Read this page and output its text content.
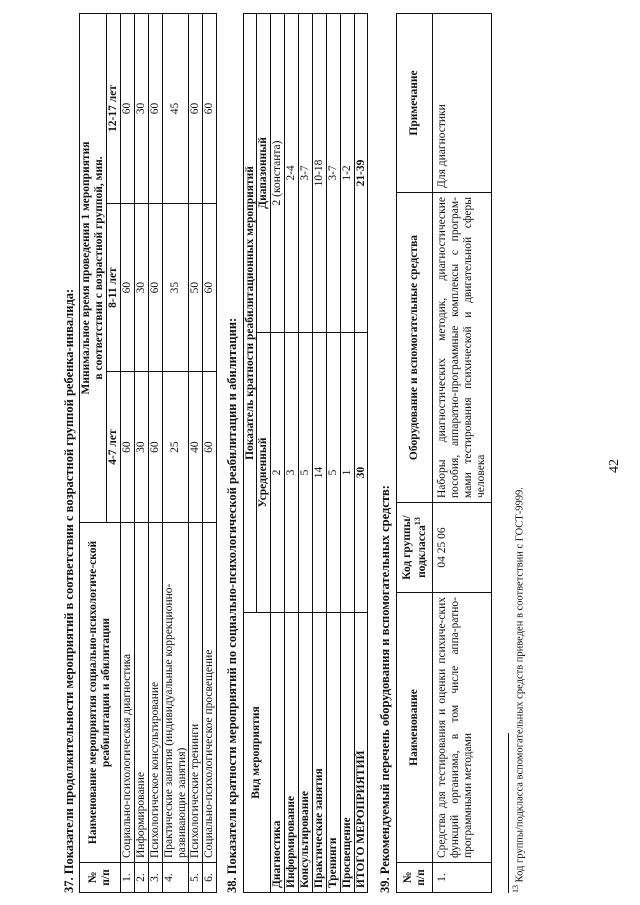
42
37. Показатели продолжительности мероприятий в соответствии с возрастной группой ребенка-инвалида: № п/п	Наименование мероприятия социально-психологиче-ской реабилитации и абилитации	Минимальное время проведения 1 мероприятия		
		в соответствии с возрастной группой, мин.		
		4-7 лет	8-11 лет	12-17 лет
1.	Социально-психологическая диагностика	60	60	60
2.	Информирование	30	30	30
3.	Психологическое консультирование	60	60	60
4.	Практические занятия (индивидуальные коррекционно-развивающие занятия)	25	35	45
5.	Психологические тренинги	40	50	60
6.	Социально-психологическое просвещение	60	60	60
38. Показатели кратности мероприятий по социально-психологической реабилитации и абилитации: Вид мероприятия	Показатель кратности реабилитационных мероприятий	
	Усредненный	Диапазонный
Диагностика	2	2 (константа)
Информирование	3	2-4
Консультирование	5	3-7
Практические занятия	14	10-18
Тренинги	5	3-7
Просвещение	1	1-2
ИТОГО МЕРОПРИЯТИЙ	30	21-39
39. Рекомендуемый перечень оборудования и вспомогательных средств: № п/п	Наименование	Код группы/ подкласса$^{13}$	Оборудование и вспомогательные средства	Примечание
1.	Средства для тестирования и оценки психиче-ских функций организма, в том числе аппа-ратно-программными методами	04 25 06	Наборы диагностических методик, диагностические пособия, аппаратно-программные комплексы с програм-мами тестирования психической и двигательной сферы человека	Для диагностики
$^{13}$ Код группы/подкласса вспомогательных средств приведен в соответствии с ГОСТ-9999.
